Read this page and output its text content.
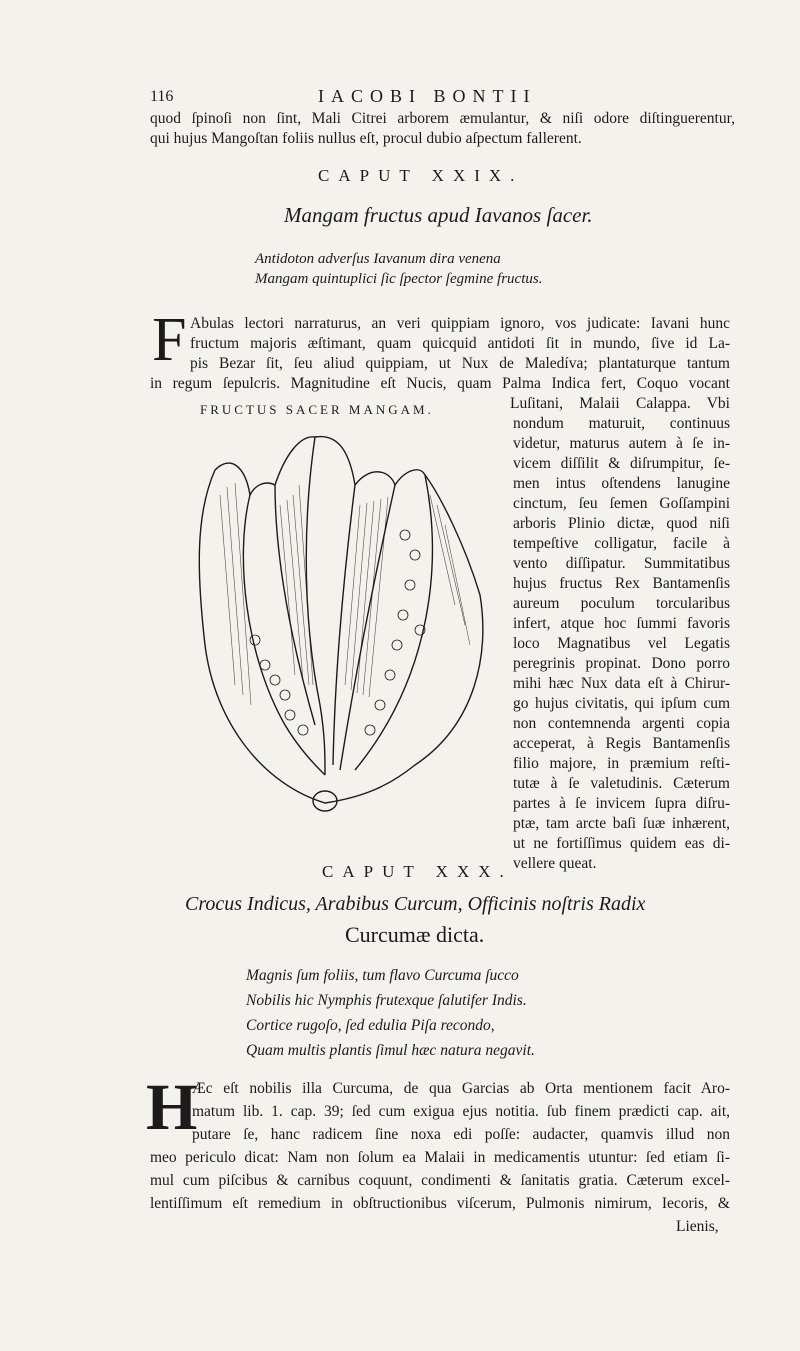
116	IACOBI BONTII
quod ſpinoſi non ſint, Mali Citrei arborem æmulantur, & niſi odore diſtinguerentur,
qui hujus Mangoſtan foliis nullus eſt, procul dubio aſpectum fallerent.
CAPUT XXIX.
Mangam fructus apud Iavanos ſacer.
Antidoton adverſus Iavanum dira venena
Mangam quintuplici ſic ſpector ſegmine fructus.
F Abulas lectori narraturus, an veri quippiam ignoro, vos judicate: Iavani hunc
fructum majoris æſtimant, quam quicquid antidoti ſit in mundo, ſive id La-
pis Bezar ſit, ſeu aliud quippiam, ut Nux de Maledíva; plantaturque tantum
in regum ſepulcris. Magnitudine eſt Nucis, quam Palma Indica fert, Coquo vocant
FRUCTUS SACER MANGAM.	Luſitani, Malaii Calappa. Vbi
nondum maturuit, continuus
videtur, maturus autem à ſe in-
vicem diſſilit & diſrumpitur, ſe-
men intus oſtendens lanugine
cinctum, ſeu ſemen Goſſampini
arboris Plinio dictæ, quod niſi
tempeſtive colligatur, facile à
vento diſſipatur. Summitatibus
hujus fructus Rex Bantamenſis
aureum poculum torcularibus
infert, atque hoc ſummi favoris
loco Magnatibus vel Legatis
peregrinis propinat. Dono porro
mihi hæc Nux data eſt à Chirur-
go hujus civitatis, qui ipſum cum
non contemnenda argenti copia
acceperat, à Regis Bantamenſis
filio majore, in præmium reſti-
tutæ à ſe valetudinis. Cæterum
partes à ſe invicem ſupra diſru-
ptæ, tam arcte baſi ſuæ inhærent,
ut ne fortiſſimus quidem eas di-
vellere queat.
CAPUT XXX.
Crocus Indicus, Arabibus Curcum, Officinis noſtris Radix
Curcumæ dicta.
Magnis ſum foliis, tum flavo Curcuma ſucco
Nobilis hic Nymphis frutexque ſalutifer Indis.
Cortice rugoſo, ſed edulia Piſa recondo,
Quam multis plantis ſimul hæc natura negavit.
H
Æc eſt nobilis illa Curcuma, de qua Garcias ab Orta mentionem facit Aro-
matum lib. 1. cap. 39; ſed cum exigua ejus notitia. ſub finem prædicti cap. ait,
putare ſe, hanc radicem ſine noxa edi poſſe: audacter, quamvis illud non
meo periculo dicat: Nam non ſolum ea Malaii in medicamentis utuntur: ſed etiam ſi-
mul cum piſcibus & carnibus coquunt, condimenti & ſanitatis gratia. Cæterum excel-
lentiſſimum eſt remedium in obſtructionibus viſcerum, Pulmonis nimirum, Iecoris, &
Lienis,
